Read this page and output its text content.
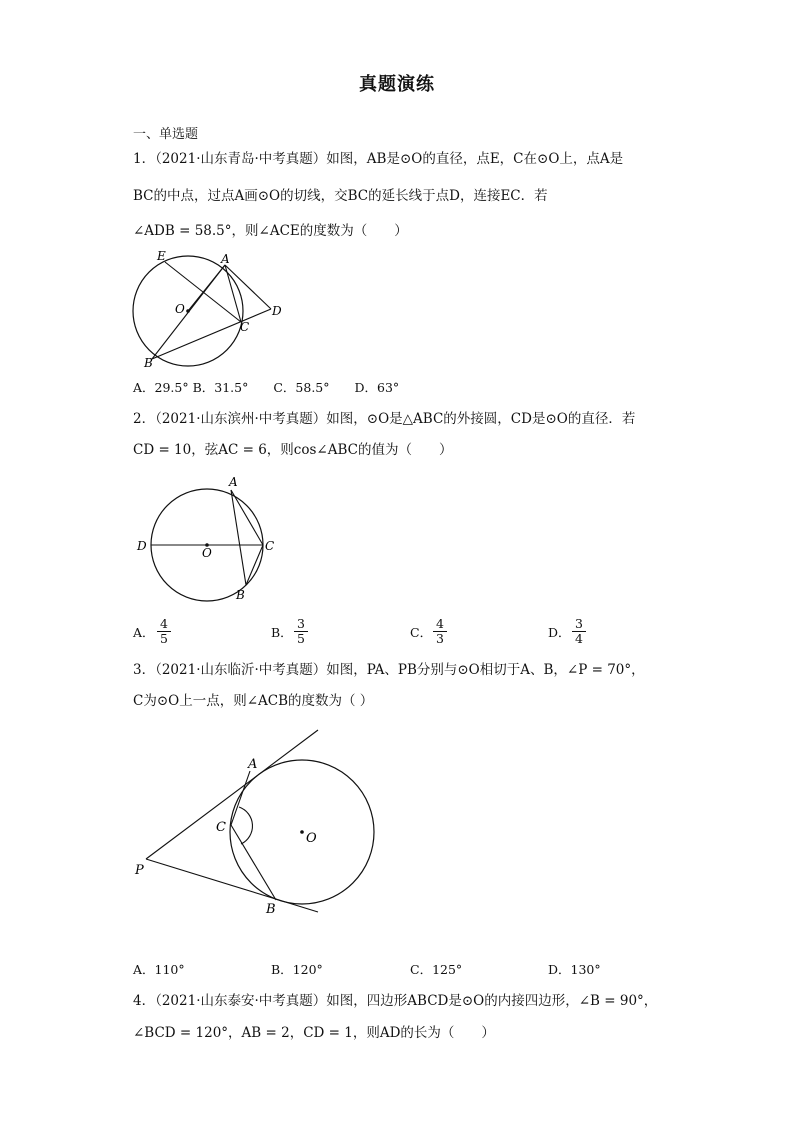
真题演练
一、单选题
1．（2021·山东青岛·中考真题）如图，AB是⊙O的直径，点E，C在⊙O上，点A是
BC的中点，过点A画⊙O的切线，交BC的延长线于点D，连接EC．若
∠ADB = 58.5°，则∠ACE的度数为（　　）
E	A
O	D
C
B
A．29.5° B．31.5°　　C．58.5°　　D．63°
2．（2021·山东滨州·中考真题）如图，⊙O是△ABC的外接圆，CD是⊙O的直径．若
CD = 10，弦AC = 6，则cos∠ABC的值为（　　）
A
D	O	C
B
A． $\frac{4}{5}$	B． $\frac{3}{5}$	C． $\frac{4}{3}$	D． $\frac{3}{4}$
3．（2021·山东临沂·中考真题）如图，PA、PB分别与⊙O相切于A、B，∠P = 70°，
C为⊙O上一点，则∠ACB的度数为（ ）
A
C
O
P
B
A．110°	B．120°	C．125°	D．130°
4．（2021·山东泰安·中考真题）如图，四边形ABCD是⊙O的内接四边形，∠B = 90°，
∠BCD = 120°，AB = 2，CD = 1，则AD的长为（　　）
